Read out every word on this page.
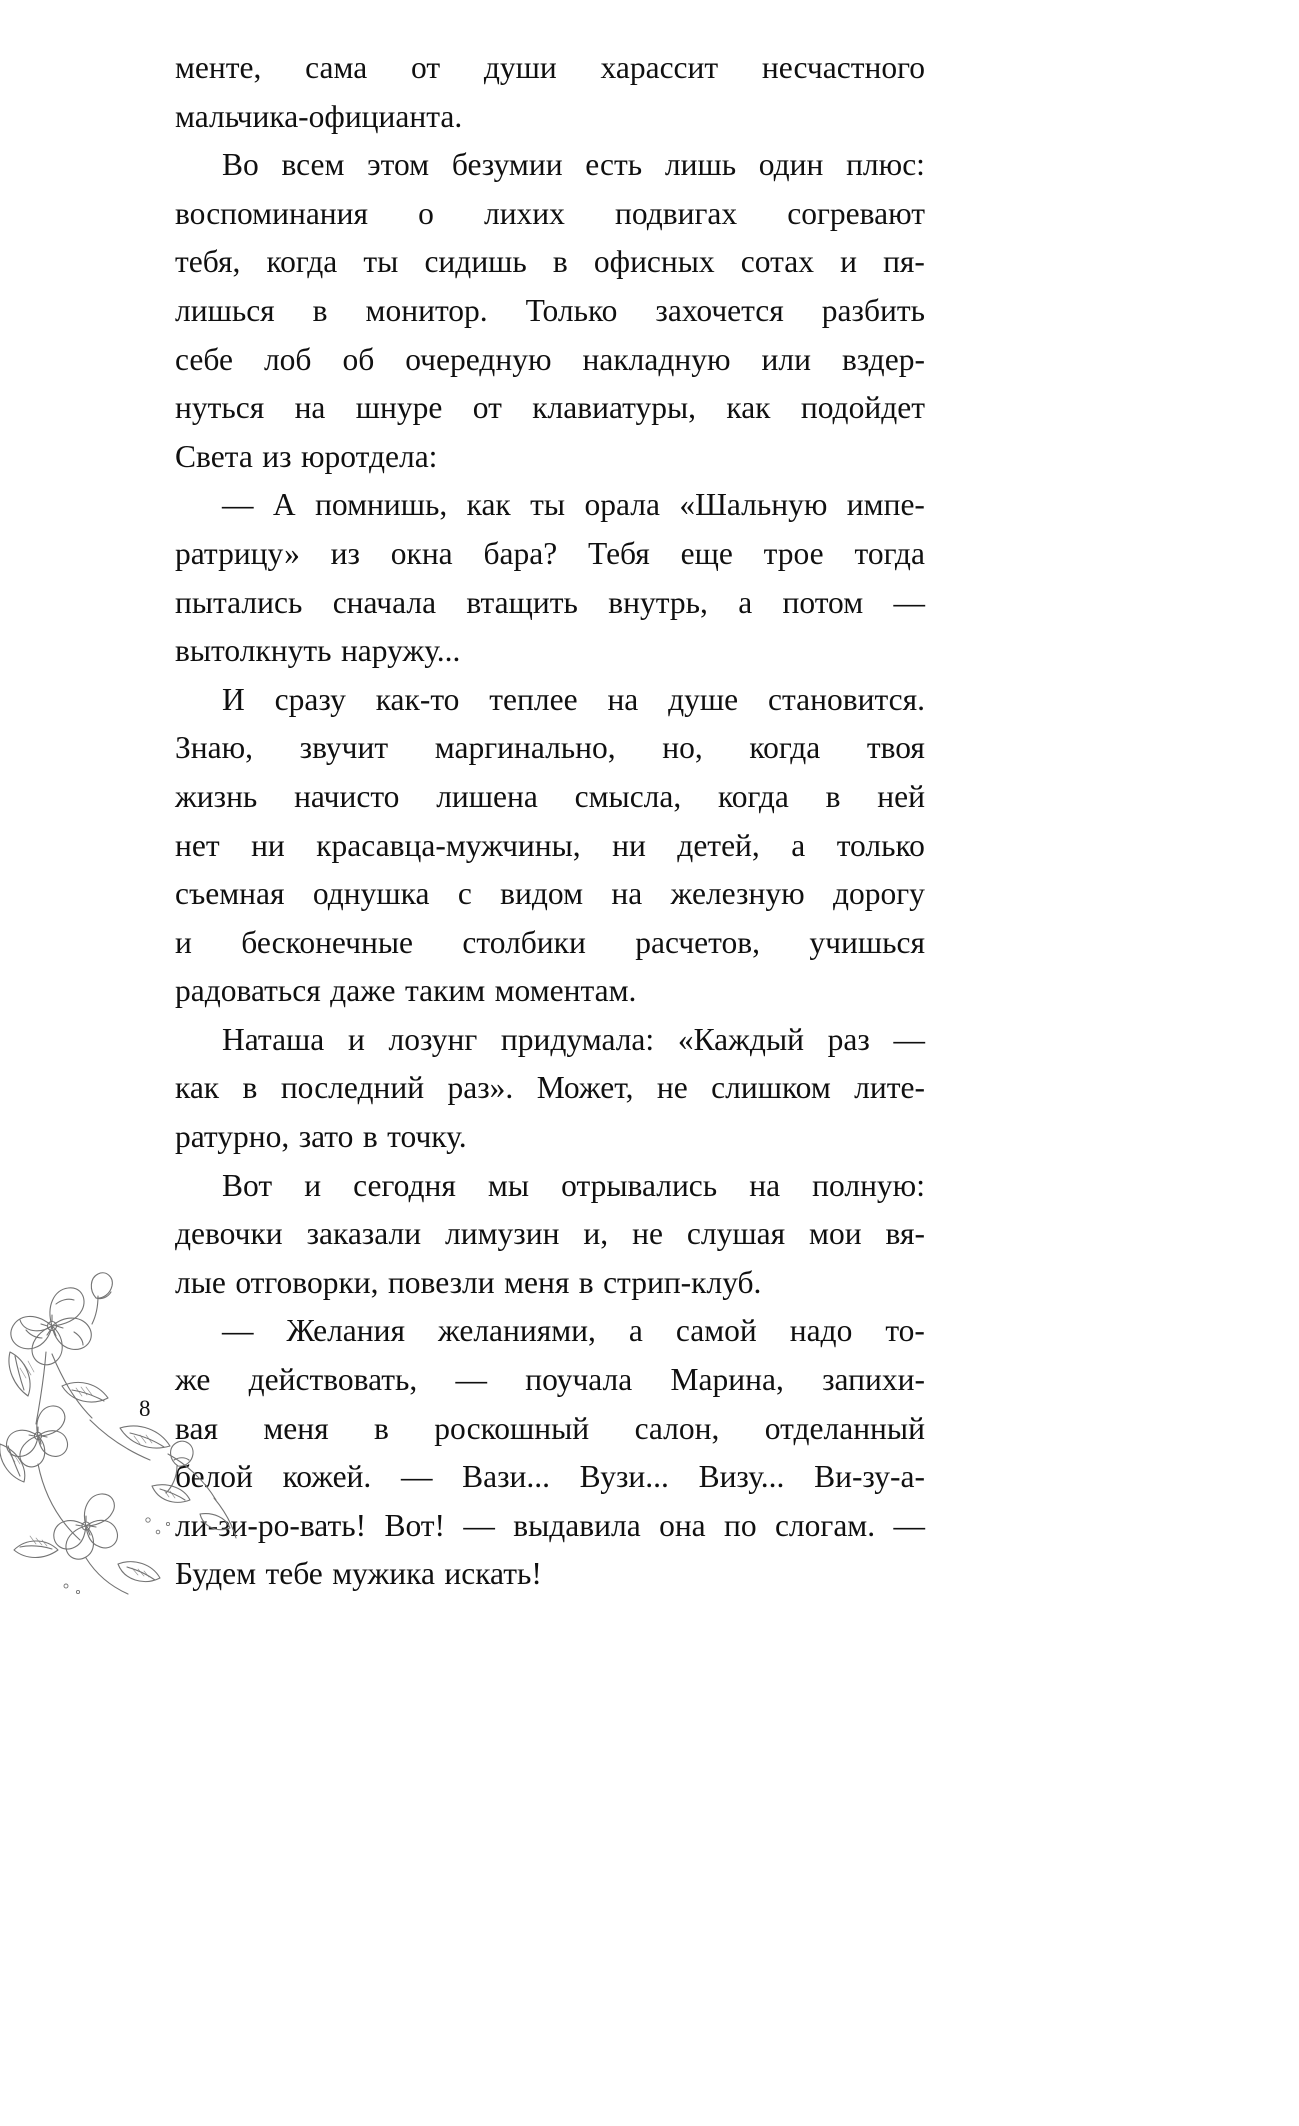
менте, сама от души харассит несчастного
мальчика-официанта.
Во всем этом безумии есть лишь один плюс:
воспоминания о лихих подвигах согревают
тебя, когда ты сидишь в офисных сотах и пя-
лишься в монитор. Только захочется разбить
себе лоб об очередную накладную или вздер-
нуться на шнуре от клавиатуры, как подойдет
Света из юротдела:
— А помнишь, как ты орала «Шальную импе-
ратрицу» из окна бара? Тебя еще трое тогда
пытались сначала втащить внутрь, а потом —
вытолкнуть наружу...
И сразу как-то теплее на душе становится.
Знаю, звучит маргинально, но, когда твоя
жизнь начисто лишена смысла, когда в ней
нет ни красавца-мужчины, ни детей, а только
съемная однушка с видом на железную дорогу
и бесконечные столбики расчетов, учишься
радоваться даже таким моментам.
Наташа и лозунг придумала: «Каждый раз —
как в последний раз». Может, не слишком лите-
ратурно, зато в точку.
Вот и сегодня мы отрывались на полную:
девочки заказали лимузин и, не слушая мои вя-
лые отговорки, повезли меня в стрип-клуб.
— Желания желаниями, а самой надо то-
же действовать, — поучала Марина, запихи-
вая меня в роскошный салон, отделанный
белой кожей. — Вази... Вузи... Визу... Ви-зу-а-
ли-зи-ро-вать! Вот! — выдавила она по слогам. —
Будем тебе мужика искать!
8
